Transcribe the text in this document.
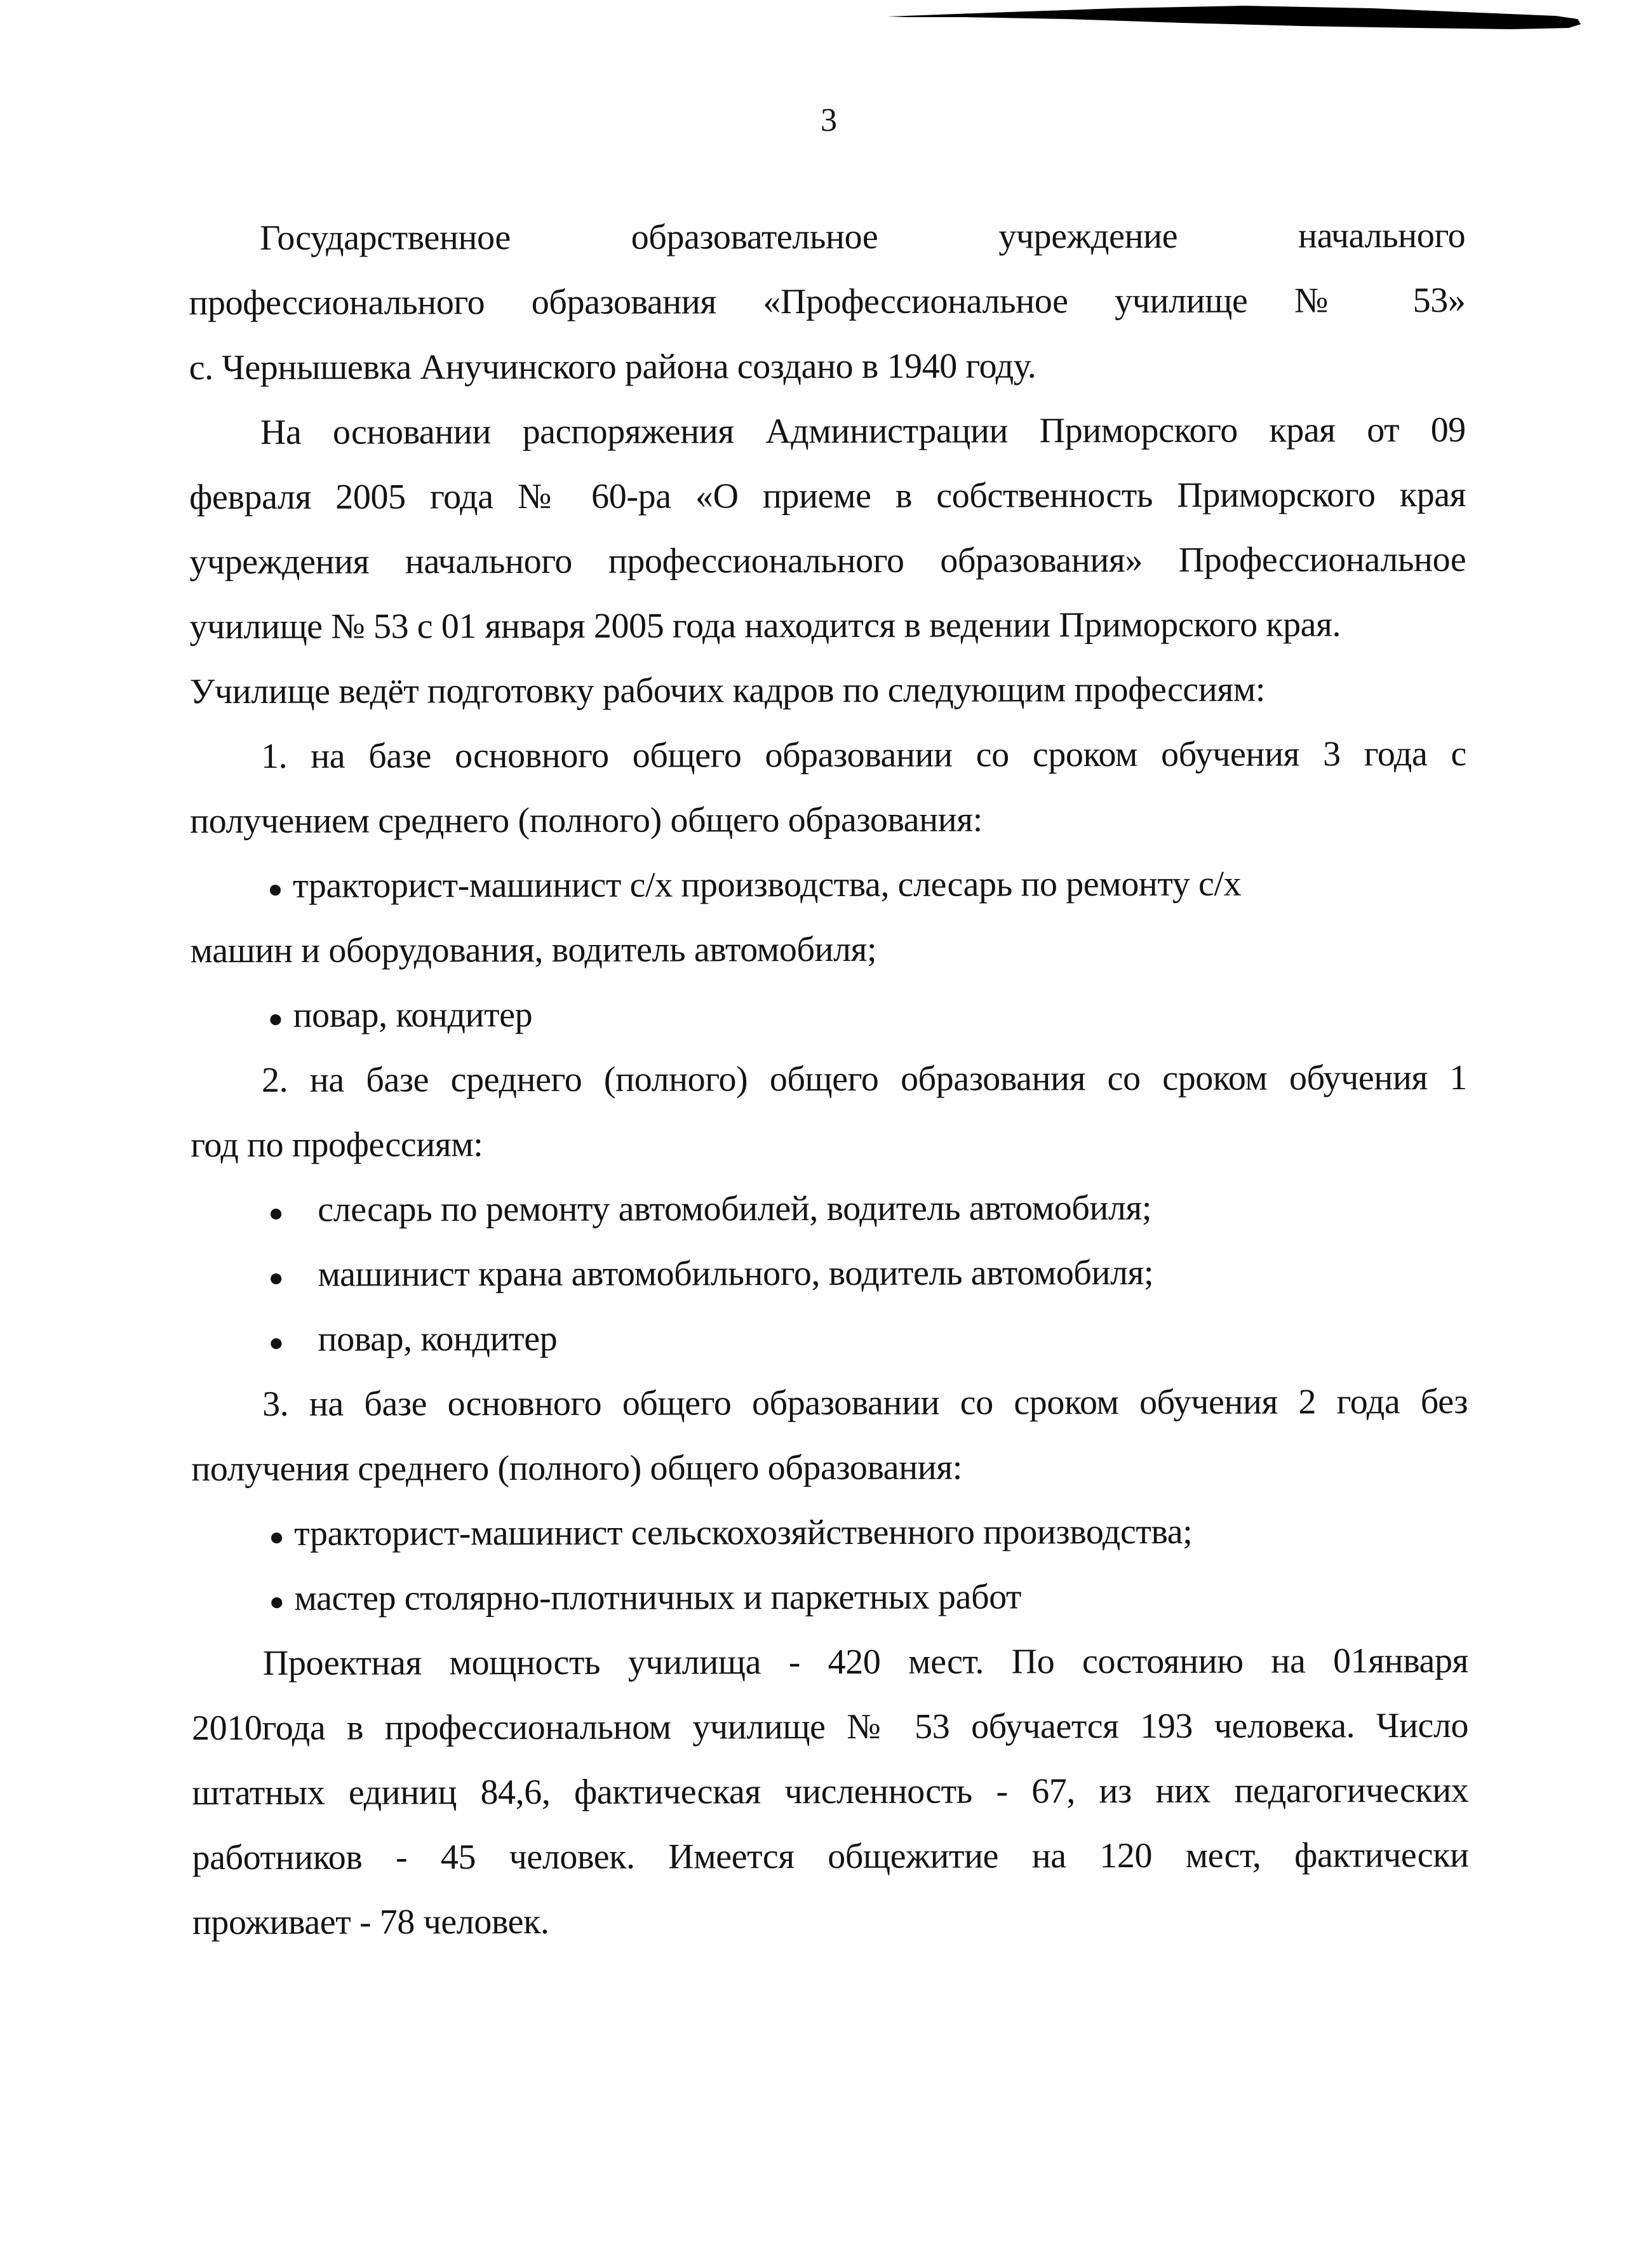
3
Государственное образовательное учреждение начального
профессионального образования «Профессиональное училище № 53»
с. Чернышевка Анучинского района создано в 1940 году.
На основании распоряжения Администрации Приморского края от 09
февраля 2005 года № 60-ра «О приеме в собственность Приморского края
учреждения начального профессионального образования» Профессиональное
училище № 53 с 01 января 2005 года находится в ведении Приморского края.
Училище ведёт подготовку рабочих кадров по следующим профессиям:
1. на базе основного общего образовании со сроком обучения 3 года с
получением среднего (полного) общего образования:
● тракторист-машинист с/х производства, слесарь по ремонту с/х
машин и оборудования, водитель автомобиля;
● повар, кондитер
2. на базе среднего (полного) общего образования со сроком обучения 1
год по профессиям:
● слесарь по ремонту автомобилей, водитель автомобиля;
● машинист крана автомобильного, водитель автомобиля;
● повар, кондитер
3. на базе основного общего образовании со сроком обучения 2 года без
получения среднего (полного) общего образования:
● тракторист-машинист сельскохозяйственного производства;
● мастер столярно-плотничных и паркетных работ
Проектная мощность училища - 420 мест. По состоянию на 01января
2010года в профессиональном училище № 53 обучается 193 человека. Число
штатных единиц 84,6, фактическая численность - 67, из них педагогических
работников - 45 человек. Имеется общежитие на 120 мест, фактически
проживает - 78 человек.
